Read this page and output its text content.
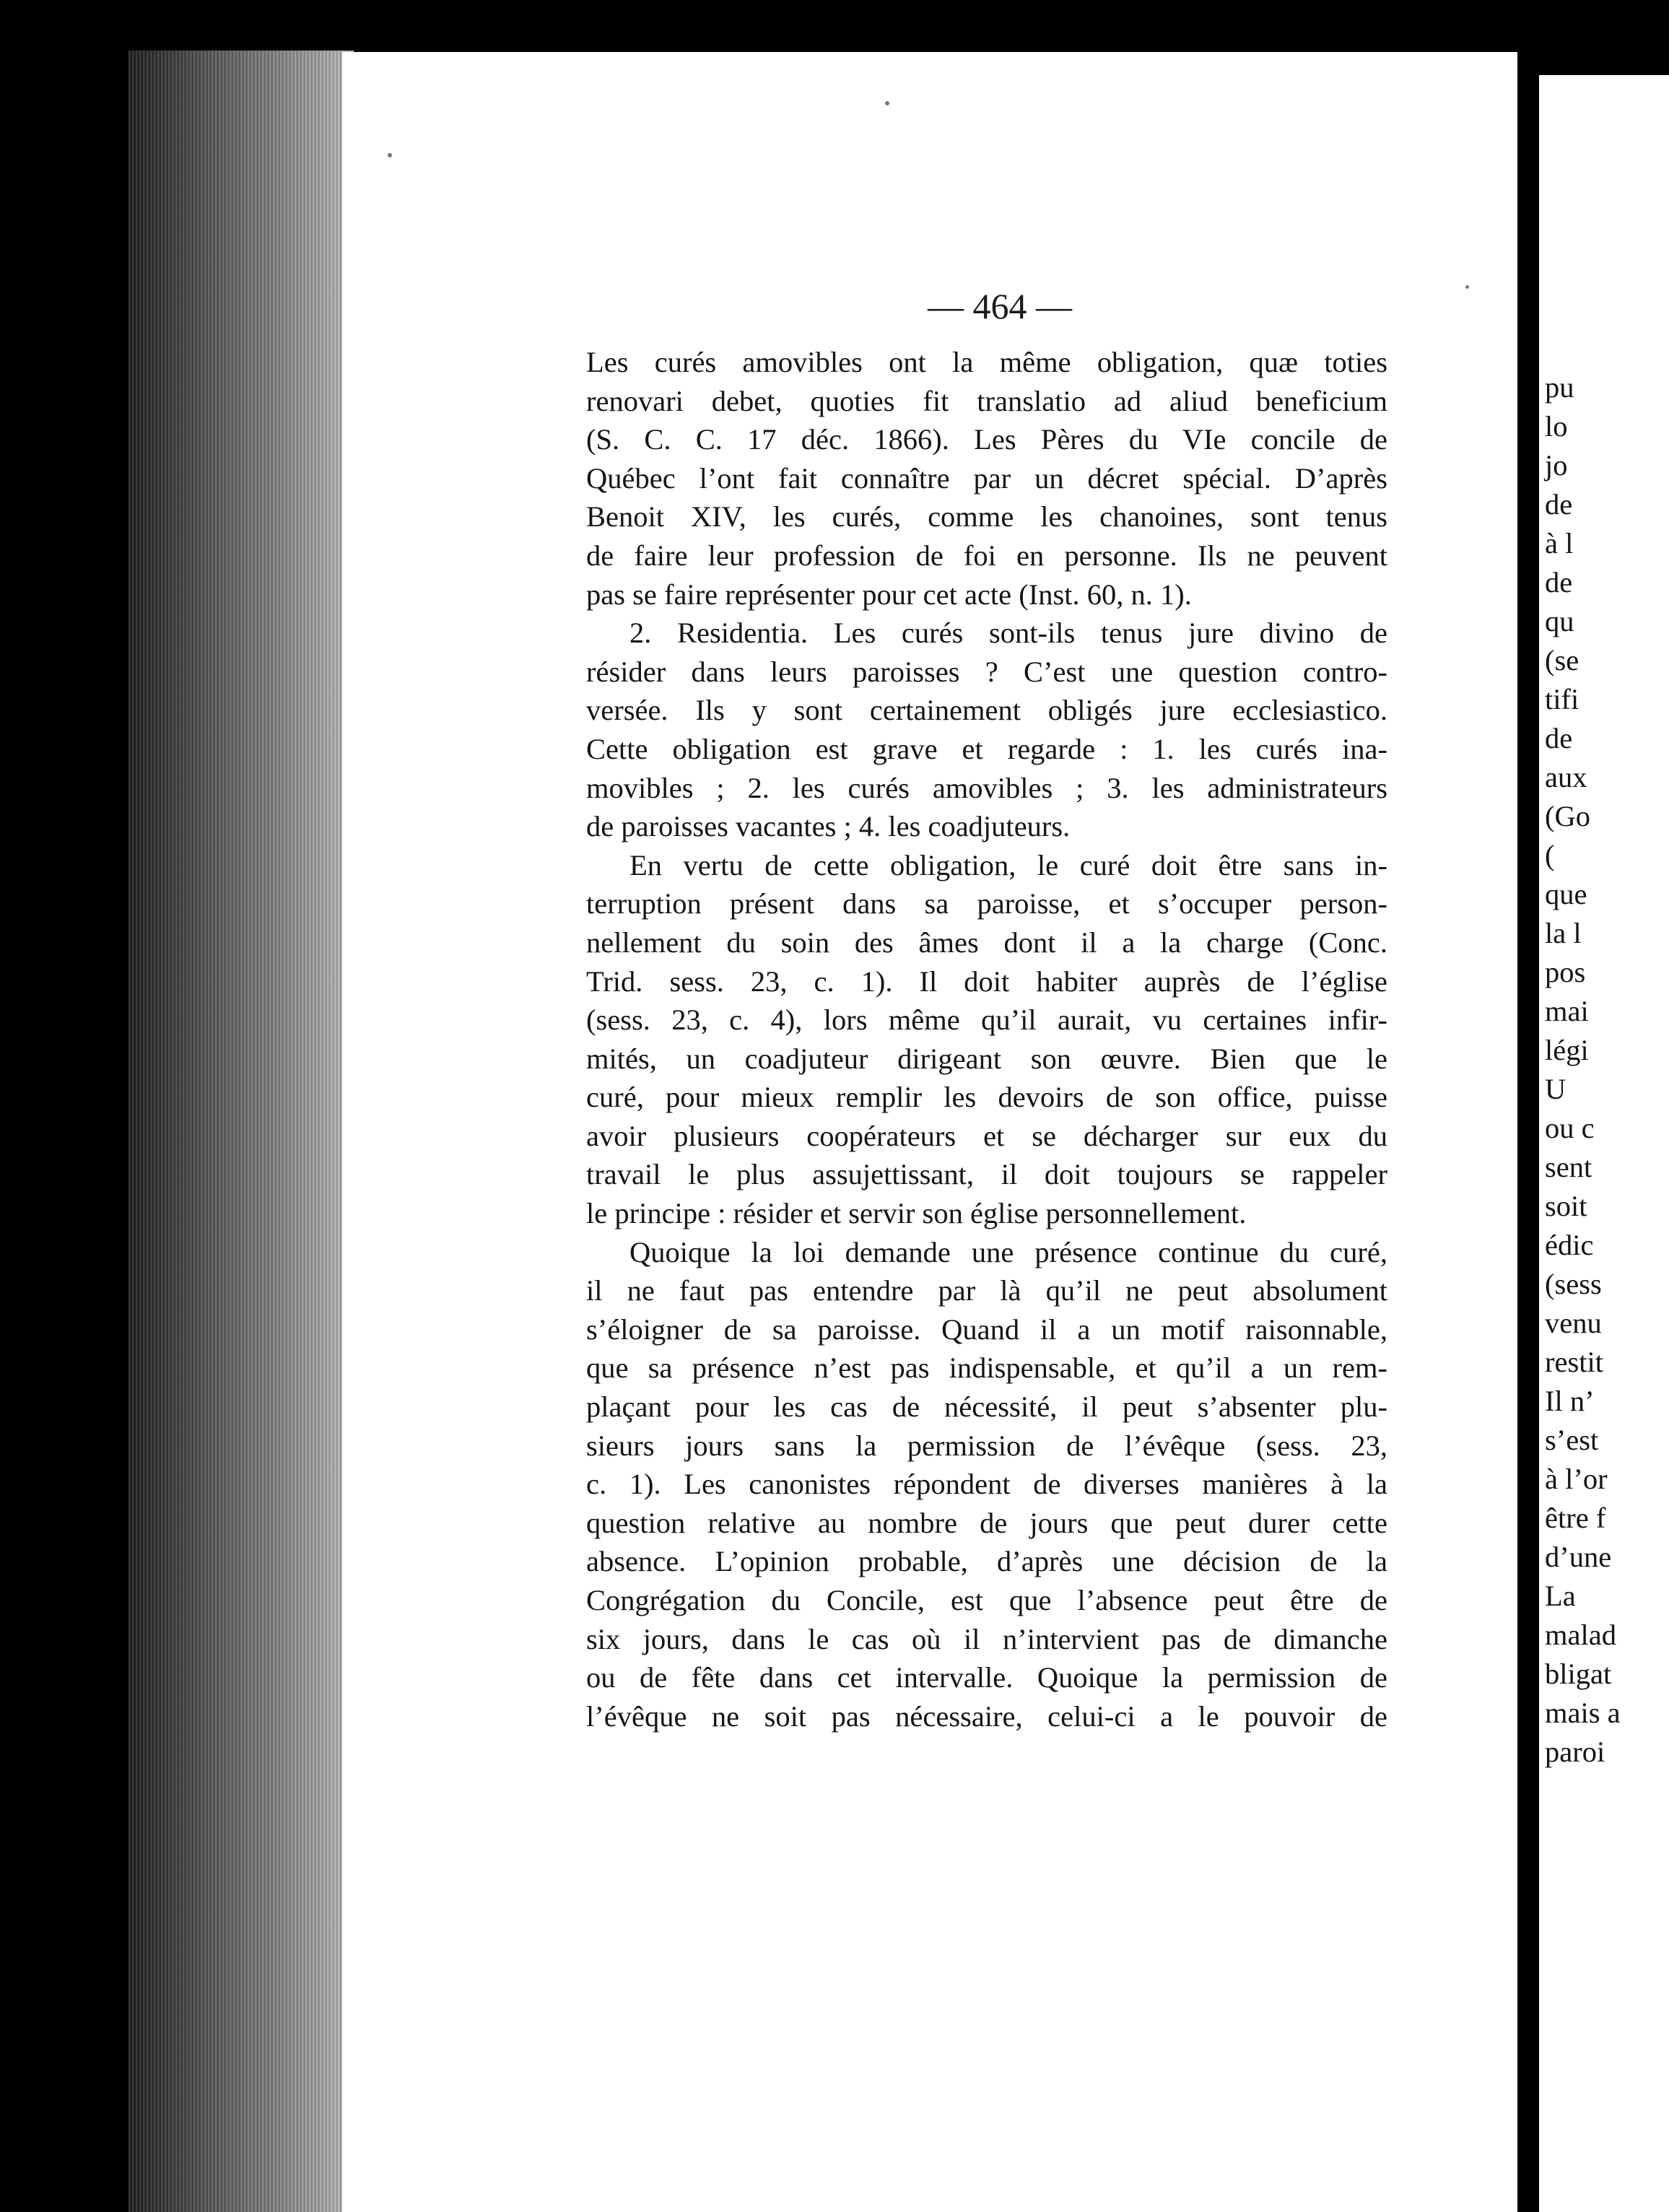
— 464 —
Les curés amovibles ont la même obligation, quæ toties
renovari debet, quoties fit translatio ad aliud beneficium
(S. C. C. 17 déc. 1866). Les Pères du VIe concile de
Québec l’ont fait connaître par un décret spécial. D’après
Benoit XIV, les curés, comme les chanoines, sont tenus
de faire leur profession de foi en personne. Ils ne peuvent
pas se faire représenter pour cet acte (Inst. 60, n. 1).
2. Residentia. Les curés sont-ils tenus jure divino de
résider dans leurs paroisses ? C’est une question contro-
versée. Ils y sont certainement obligés jure ecclesiastico.
Cette obligation est grave et regarde : 1. les curés ina-
movibles ; 2. les curés amovibles ; 3. les administrateurs
de paroisses vacantes ; 4. les coadjuteurs.
En vertu de cette obligation, le curé doit être sans in-
terruption présent dans sa paroisse, et s’occuper person-
nellement du soin des âmes dont il a la charge (Conc.
Trid. sess. 23, c. 1). Il doit habiter auprès de l’église
(sess. 23, c. 4), lors même qu’il aurait, vu certaines infir-
mités, un coadjuteur dirigeant son œuvre. Bien que le
curé, pour mieux remplir les devoirs de son office, puisse
avoir plusieurs coopérateurs et se décharger sur eux du
travail le plus assujettissant, il doit toujours se rappeler
le principe : résider et servir son église personnellement.
Quoique la loi demande une présence continue du curé,
il ne faut pas entendre par là qu’il ne peut absolument
s’éloigner de sa paroisse. Quand il a un motif raisonnable,
que sa présence n’est pas indispensable, et qu’il a un rem-
plaçant pour les cas de nécessité, il peut s’absenter plu-
sieurs jours sans la permission de l’évêque (sess. 23,
c. 1). Les canonistes répondent de diverses manières à la
question relative au nombre de jours que peut durer cette
absence. L’opinion probable, d’après une décision de la
Congrégation du Concile, est que l’absence peut être de
six jours, dans le cas où il n’intervient pas de dimanche
ou de fête dans cet intervalle. Quoique la permission de
l’évêque ne soit pas nécessaire, celui-ci a le pouvoir de
pu
lo
jo
de
à l
de
qu
(se
tifi
de
aux
(Go
(
que
la l
pos
mai
légi
U
ou c
sent
soit
édic
(sess
venu
restit
Il n’
s’est
à l’or
être f
d’une
La
malad
bligat
mais a
paroi
